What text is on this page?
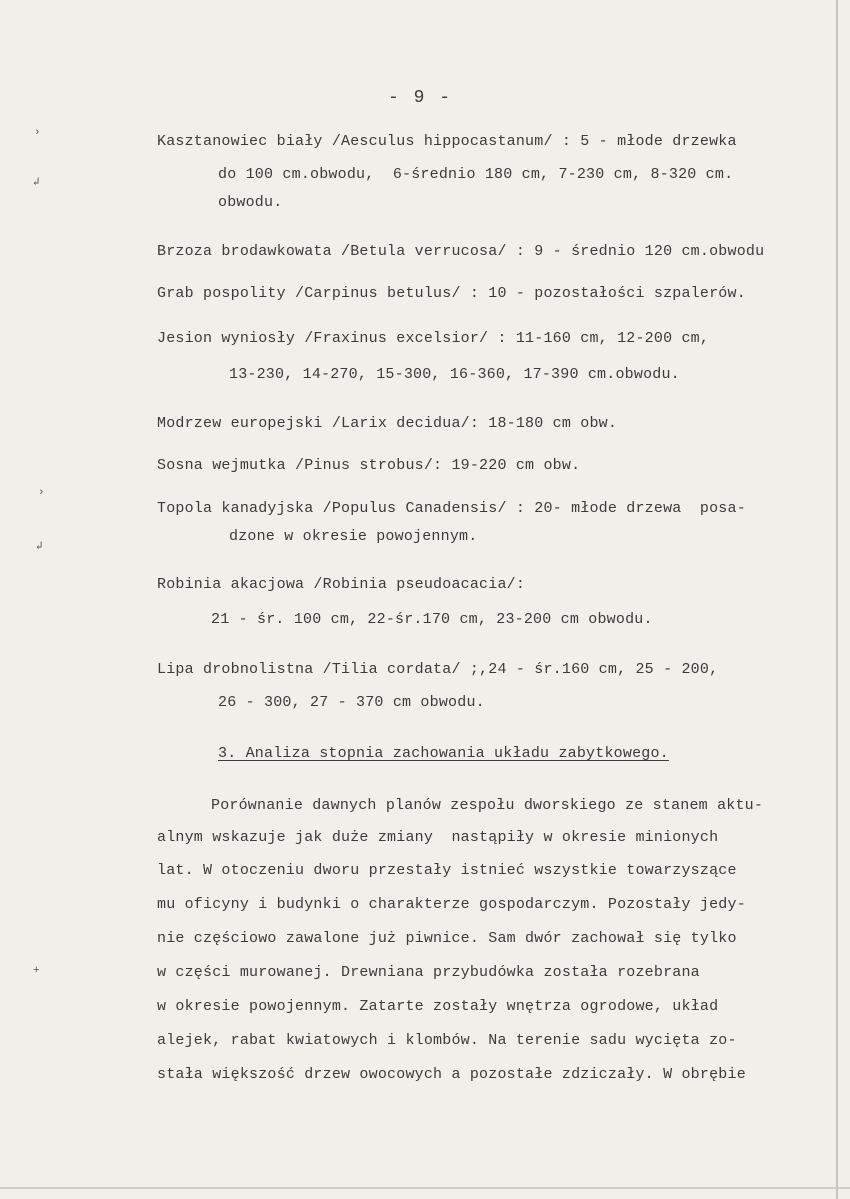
- 9 -
Kasztanowiec biały /Aesculus hippocastanum/ : 5 - młode drzewka
do 100 cm.obwodu,  6-średnio 180 cm, 7-230 cm, 8-320 cm.
obwodu.
Brzoza brodawkowata /Betula verrucosa/ : 9 - średnio 120 cm.obwodu
Grab pospolity /Carpinus betulus/ : 10 - pozostałości szpalerów.
Jesion wyniosły /Fraxinus excelsior/ : 11-160 cm, 12-200 cm,
13-230, 14-270, 15-300, 16-360, 17-390 cm.obwodu.
Modrzew europejski /Larix decidua/: 18-180 cm obw.
Sosna wejmutka /Pinus strobus/: 19-220 cm obw.
Topola kanadyjska /Populus Canadensis/ : 20- młode drzewa  posa-
dzone w okresie powojennym.
Robinia akacjowa /Robinia pseudoacacia/:
21 - śr. 100 cm, 22-śr.170 cm, 23-200 cm obwodu.
Lipa drobnolistna /Tilia cordata/ ;,24 - śr.160 cm, 25 - 200,
26 - 300, 27 - 370 cm obwodu.
3. Analiza stopnia zachowania układu zabytkowego.
Porównanie dawnych planów zespołu dworskiego ze stanem aktu-
alnym wskazuje jak duże zmiany  nastąpiły w okresie minionych
lat. W otoczeniu dworu przestały istnieć wszystkie towarzyszące
mu oficyny i budynki o charakterze gospodarczym. Pozostały jedy-
nie częściowo zawalone już piwnice. Sam dwór zachował się tylko
w części murowanej. Drewniana przybudówka została rozebrana
w okresie powojennym. Zatarte zostały wnętrza ogrodowe, układ
alejek, rabat kwiatowych i klombów. Na terenie sadu wycięta zo-
stała większość drzew owocowych a pozostałe zdziczały. W obrębie
›
↲
›
↲
+
